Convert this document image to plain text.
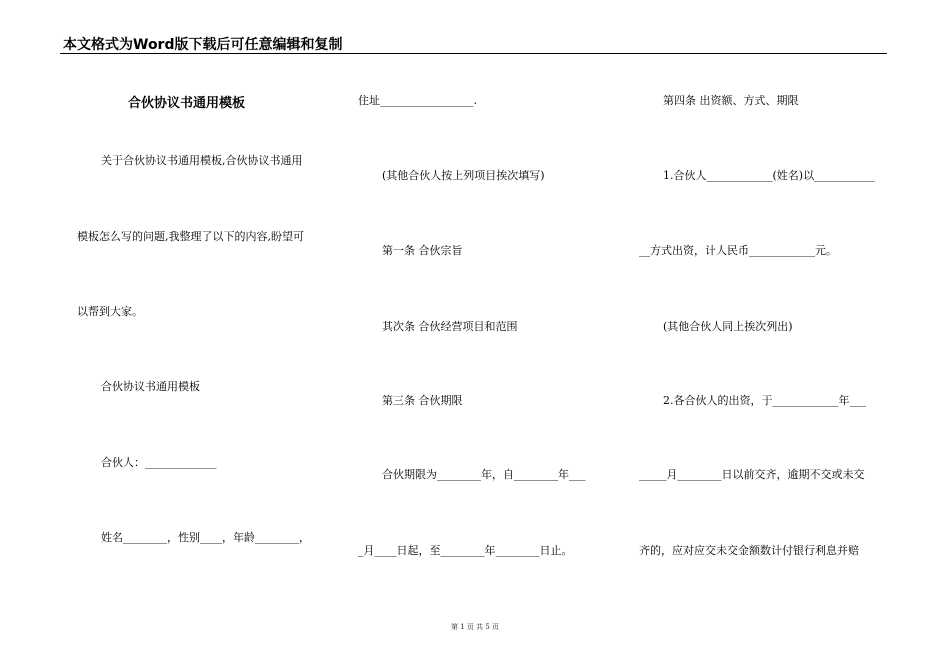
本文格式为Word版下载后可任意编辑和复制
合伙协议书通用模板
关于合伙协议书通用模板,合伙协议书通用
模板怎么写的问题,我整理了以下的内容,盼望可
以帮到大家。
合伙协议书通用模板
合伙人：_____________
姓名________，性别____，年龄________，
住址_________________.
(其他合伙人按上列项目挨次填写)
第一条 合伙宗旨
其次条 合伙经营项目和范围
第三条 合伙期限
合伙期限为________年，自________年___
_月____日起，至________年________日止。
第四条 出资额、方式、期限
1.合伙人____________(姓名)以___________
__方式出资，计人民币____________元。
(其他合伙人同上挨次列出)
2.各合伙人的出资，于____________年___
_____月________日以前交齐，逾期不交或未交
齐的，应对应交未交金额数计付银行利息并赔
第 1 页 共 5 页
